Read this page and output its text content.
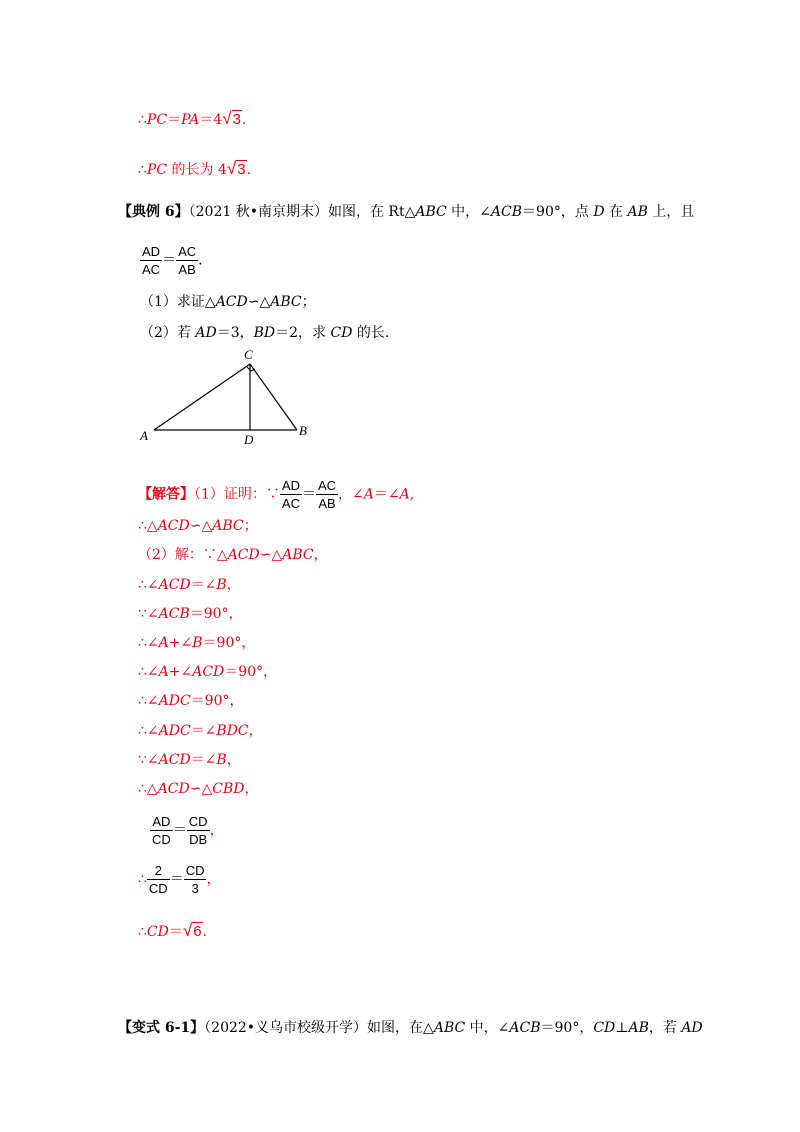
∴PC＝PA＝4√3.
∴PC 的长为 4√3.
【典例 6】（2021 秋•南京期末）如图，在 Rt△ABC 中，∠ACB＝90°，点 D 在 AB 上，且
$\frac{AD}{AC} = \frac{AC}{AB}$ .
（1）求证△ACD∽△ABC；
（2）若 AD＝3，BD＝2，求 CD 的长.
C
A	D
B
【解答】（1）证明：∵ $\frac{AD}{AC} = \frac{AC}{AB}$ ，∠A＝∠A,
∴△ACD∽△ABC；
（2）解：∵△ACD∽△ABC，
∴∠ACD＝∠B，
∵∠ACB＝90°，
∴∠A+∠B＝90°，
∴∠A+∠ACD＝90°，
∴∠ADC＝90°，
∴∠ADC＝∠BDC，
∵∠ACD＝∠B，
∴△ACD∽△CBD，
$\frac{AD}{CD} = \frac{CD}{DB}$ ，
∴ $\frac{2}{CD} = \frac{CD}{3}$ ，
∴CD＝√6.
【变式 6-1】（2022•义乌市校级开学）如图，在△ABC 中，∠ACB＝90°，CD⊥AB，若 AD
